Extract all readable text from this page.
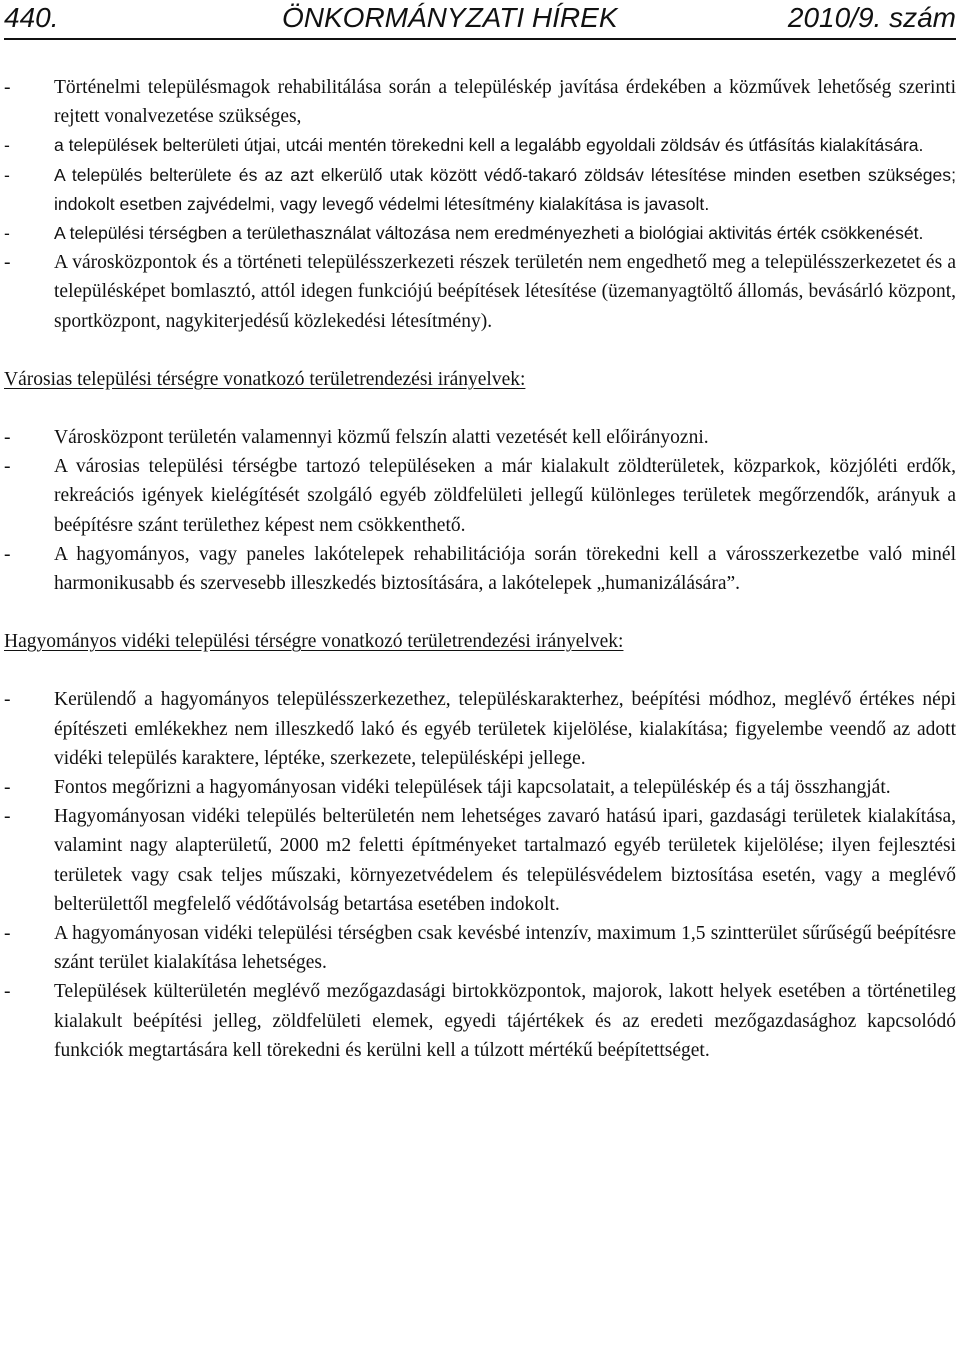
440.	ÖNKORMÁNYZATI HÍREK	2010/9. szám
- Történelmi településmagok rehabilitálása során a településkép javítása érdekében a közművek lehetőség szerinti rejtett vonalvezetése szükséges,
- a települések belterületi útjai, utcái mentén törekedni kell a legalább egyoldali zöldsáv és útfásítás kialakítására.
- A település belterülete és az azt elkerülő utak között védő-takaró zöldsáv létesítése minden esetben szükséges; indokolt esetben zajvédelmi, vagy levegő védelmi létesítmény kialakítása is javasolt.
- A települési térségben a területhasználat változása nem eredményezheti a biológiai aktivitás érték csökkenését.
- A városközpontok és a történeti településszerkezeti részek területén nem engedhető meg a településszerkezetet és a településképet bomlasztó, attól idegen funkciójú beépítések létesítése (üzemanyagtöltő állomás, bevásárló központ, sportközpont, nagykiterjedésű közlekedési létesítmény).
Városias települési térségre vonatkozó területrendezési irányelvek:
- Városközpont területén valamennyi közmű felszín alatti vezetését kell előirányozni.
- A városias települési térségbe tartozó településeken a már kialakult zöldterületek, közparkok, közjóléti erdők, rekreációs igények kielégítését szolgáló egyéb zöldfelületi jellegű különleges területek megőrzendők, arányuk a beépítésre szánt területhez képest nem csökkenthető.
- A hagyományos, vagy paneles lakótelepek rehabilitációja során törekedni kell a városszerkezetbe való minél harmonikusabb és szervesebb illeszkedés biztosítására, a lakótelepek „humanizálására”.
Hagyományos vidéki települési térségre vonatkozó területrendezési irányelvek:
- Kerülendő a hagyományos településszerkezethez, településkarakterhez, beépítési módhoz, meglévő értékes népi építészeti emlékekhez nem illeszkedő lakó és egyéb területek kijelölése, kialakítása; figyelembe veendő az adott vidéki település karaktere, léptéke, szerkezete, településképi jellege.
- Fontos megőrizni a hagyományosan vidéki települések táji kapcsolatait, a településkép és a táj összhangját.
- Hagyományosan vidéki település belterületén nem lehetséges zavaró hatású ipari, gazdasági területek kialakítása, valamint nagy alapterületű, 2000 m2 feletti építményeket tartalmazó egyéb területek kijelölése; ilyen fejlesztési területek vagy csak teljes műszaki, környezetvédelem és településvédelem biztosítása esetén, vagy a meglévő belterülettől megfelelő védőtávolság betartása esetében indokolt.
- A hagyományosan vidéki települési térségben csak kevésbé intenzív, maximum 1,5 szintterület sűrűségű beépítésre szánt terület kialakítása lehetséges.
- Települések külterületén meglévő mezőgazdasági birtokközpontok, majorok, lakott helyek esetében a történetileg kialakult beépítési jelleg, zöldfelületi elemek, egyedi tájértékek és az eredeti mezőgazdasághoz kapcsolódó funkciók megtartására kell törekedni és kerülni kell a túlzott mértékű beépítettséget.
